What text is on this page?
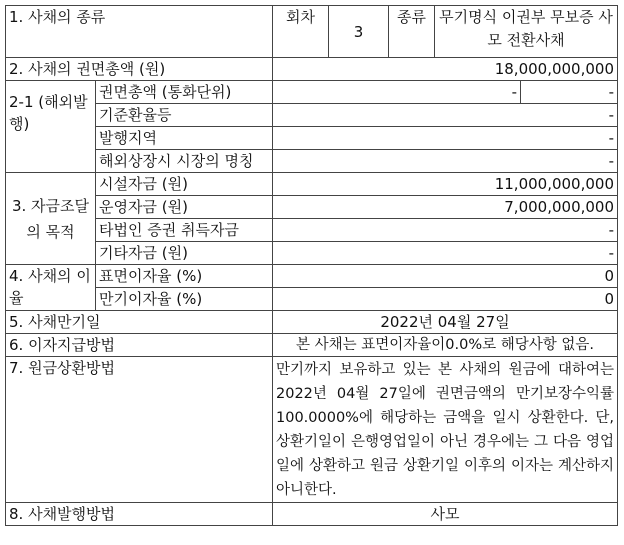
1. 사채의 종류		회차	3	종류	무기명식 이권부 무보증 사모 전환사채	
2. 사채의 권면총액 (원)		18,000,000,000				
2-1 (해외발행)	권면총액 (통화단위)	-				-
	기준환율등	-				
	발행지역	-				
	해외상장시 시장의 명칭	-				
3. 자금조달의 목적	시설자금 (원)	11,000,000,000				
	운영자금 (원)	7,000,000,000				
	타법인 증권 취득자금	-				
	기타자금 (원)	-				
4. 사채의 이율	표면이자율 (%)	0				
	만기이자율 (%)	0				
5. 사채만기일		2022년 04월 27일				
6. 이자지급방법		본 사채는 표면이자율이0.0%로 해당사항 없음.				
7. 원금상환방법		만기까지 보유하고 있는 본 사채의 원금에 대하여는 2022년 04월 27일에 권면금액의 만기보장수익률 100.0000%에 해당하는 금액을 일시 상환한다. 단, 상환기일이 은행영업일이 아닌 경우에는 그 다음 영업일에 상환하고 원금 상환기일 이후의 이자는 계산하지 아니한다.				
8. 사채발행방법		사모				
